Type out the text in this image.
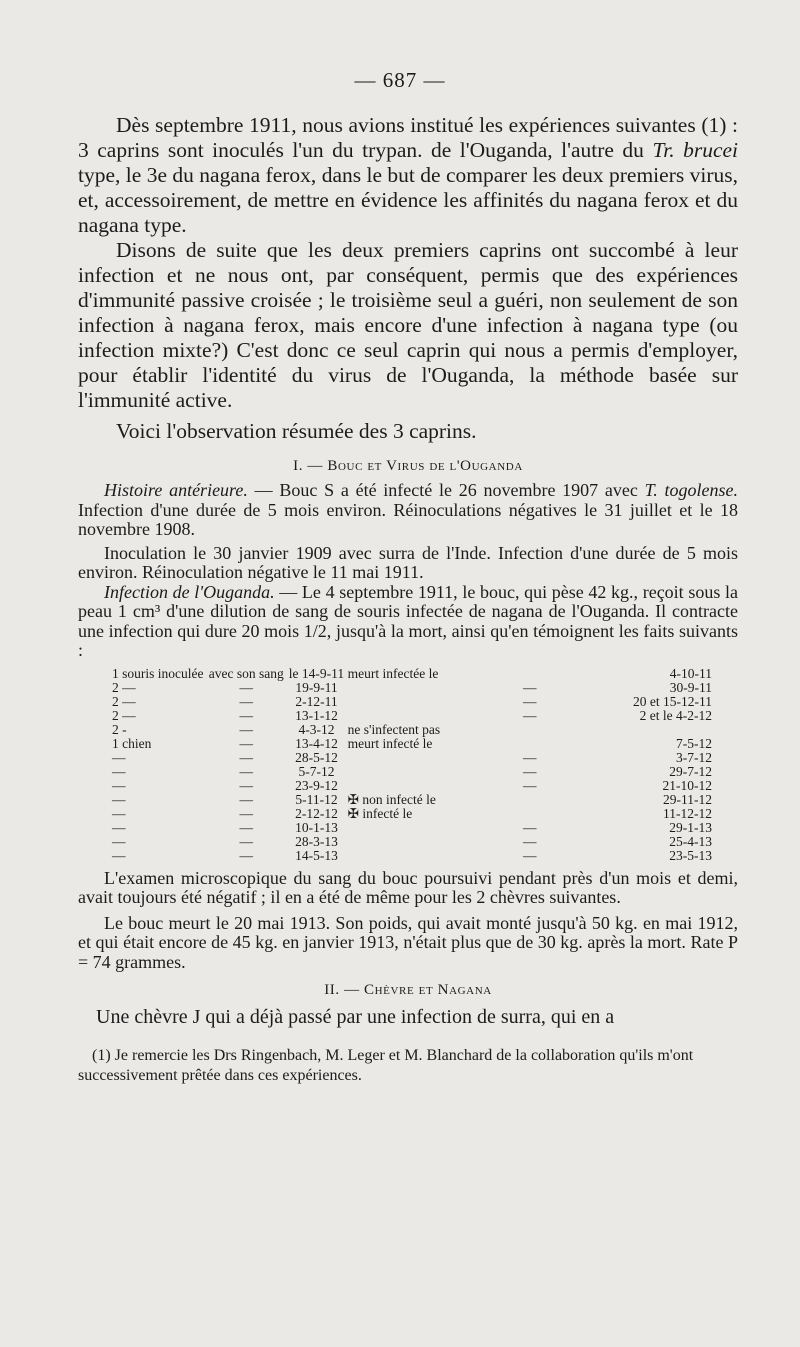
— 687 —

Dès septembre 1911, nous avions institué les expériences suivantes (1) : 3 caprins sont inoculés l'un du trypan. de l'Ouganda, l'autre du Tr. brucei type, le 3e du nagana ferox, dans le but de comparer les deux premiers virus, et, accessoirement, de mettre en évidence les affinités du nagana ferox et du nagana type.

Disons de suite que les deux premiers caprins ont succombé à leur infection et ne nous ont, par conséquent, permis que des expériences d'immunité passive croisée ; le troisième seul a guéri, non seulement de son infection à nagana ferox, mais encore d'une infection à nagana type (ou infection mixte?) C'est donc ce seul caprin qui nous a permis d'employer, pour établir l'identité du virus de l'Ouganda, la méthode basée sur l'immunité active.

Voici l'observation résumée des 3 caprins.

I. — Bouc et Virus de l'Ouganda

Histoire antérieure. — Bouc S a été infecté le 26 novembre 1907 avec T. togolense. Infection d'une durée de 5 mois environ. Réinoculations négatives le 31 juillet et le 18 novembre 1908.

Inoculation le 30 janvier 1909 avec surra de l'Inde. Infection d'une durée de 5 mois environ. Réinoculation négative le 11 mai 1911.

Infection de l'Ouganda. — Le 4 septembre 1911, le bouc, qui pèse 42 kg., reçoit sous la peau 1 cm³ d'une dilution de sang de souris infectée de nagana de l'Ouganda. Il contracte une infection qui dure 20 mois 1/2, jusqu'à la mort, ainsi qu'en témoignent les faits suivants :

1 souris inoculée	avec son sang	le 14-9-11	meurt infectée le		4-10-11
2 —	—	19-9-11		—	30-9-11
2 —	—	2-12-11		—	20 et 15-12-11
2 —	—	13-1-12		—	2 et le 4-2-12
2 -	—	4-3-12	ne s'infectent pas		
1 chien	—	13-4-12	meurt infecté le		7-5-12
—	—	28-5-12		—	3-7-12
—	—	5-7-12		—	29-7-12
—	—	23-9-12		—	21-10-12
—	—	5-11-12	✠ non infecté le		29-11-12
—	—	2-12-12	✠ infecté le		11-12-12
—	—	10-1-13		—	29-1-13
—	—	28-3-13		—	25-4-13
—	—	14-5-13		—	23-5-13

L'examen microscopique du sang du bouc poursuivi pendant près d'un mois et demi, avait toujours été négatif ; il en a été de même pour les 2 chèvres suivantes.

Le bouc meurt le 20 mai 1913. Son poids, qui avait monté jusqu'à 50 kg. en mai 1912, et qui était encore de 45 kg. en janvier 1913, n'était plus que de 30 kg. après la mort. Rate P = 74 grammes.

II. — Chèvre et Nagana

Une chèvre J qui a déjà passé par une infection de surra, qui en a

(1) Je remercie les Drs Ringenbach, M. Leger et M. Blanchard de la collaboration qu'ils m'ont successivement prêtée dans ces expériences.
